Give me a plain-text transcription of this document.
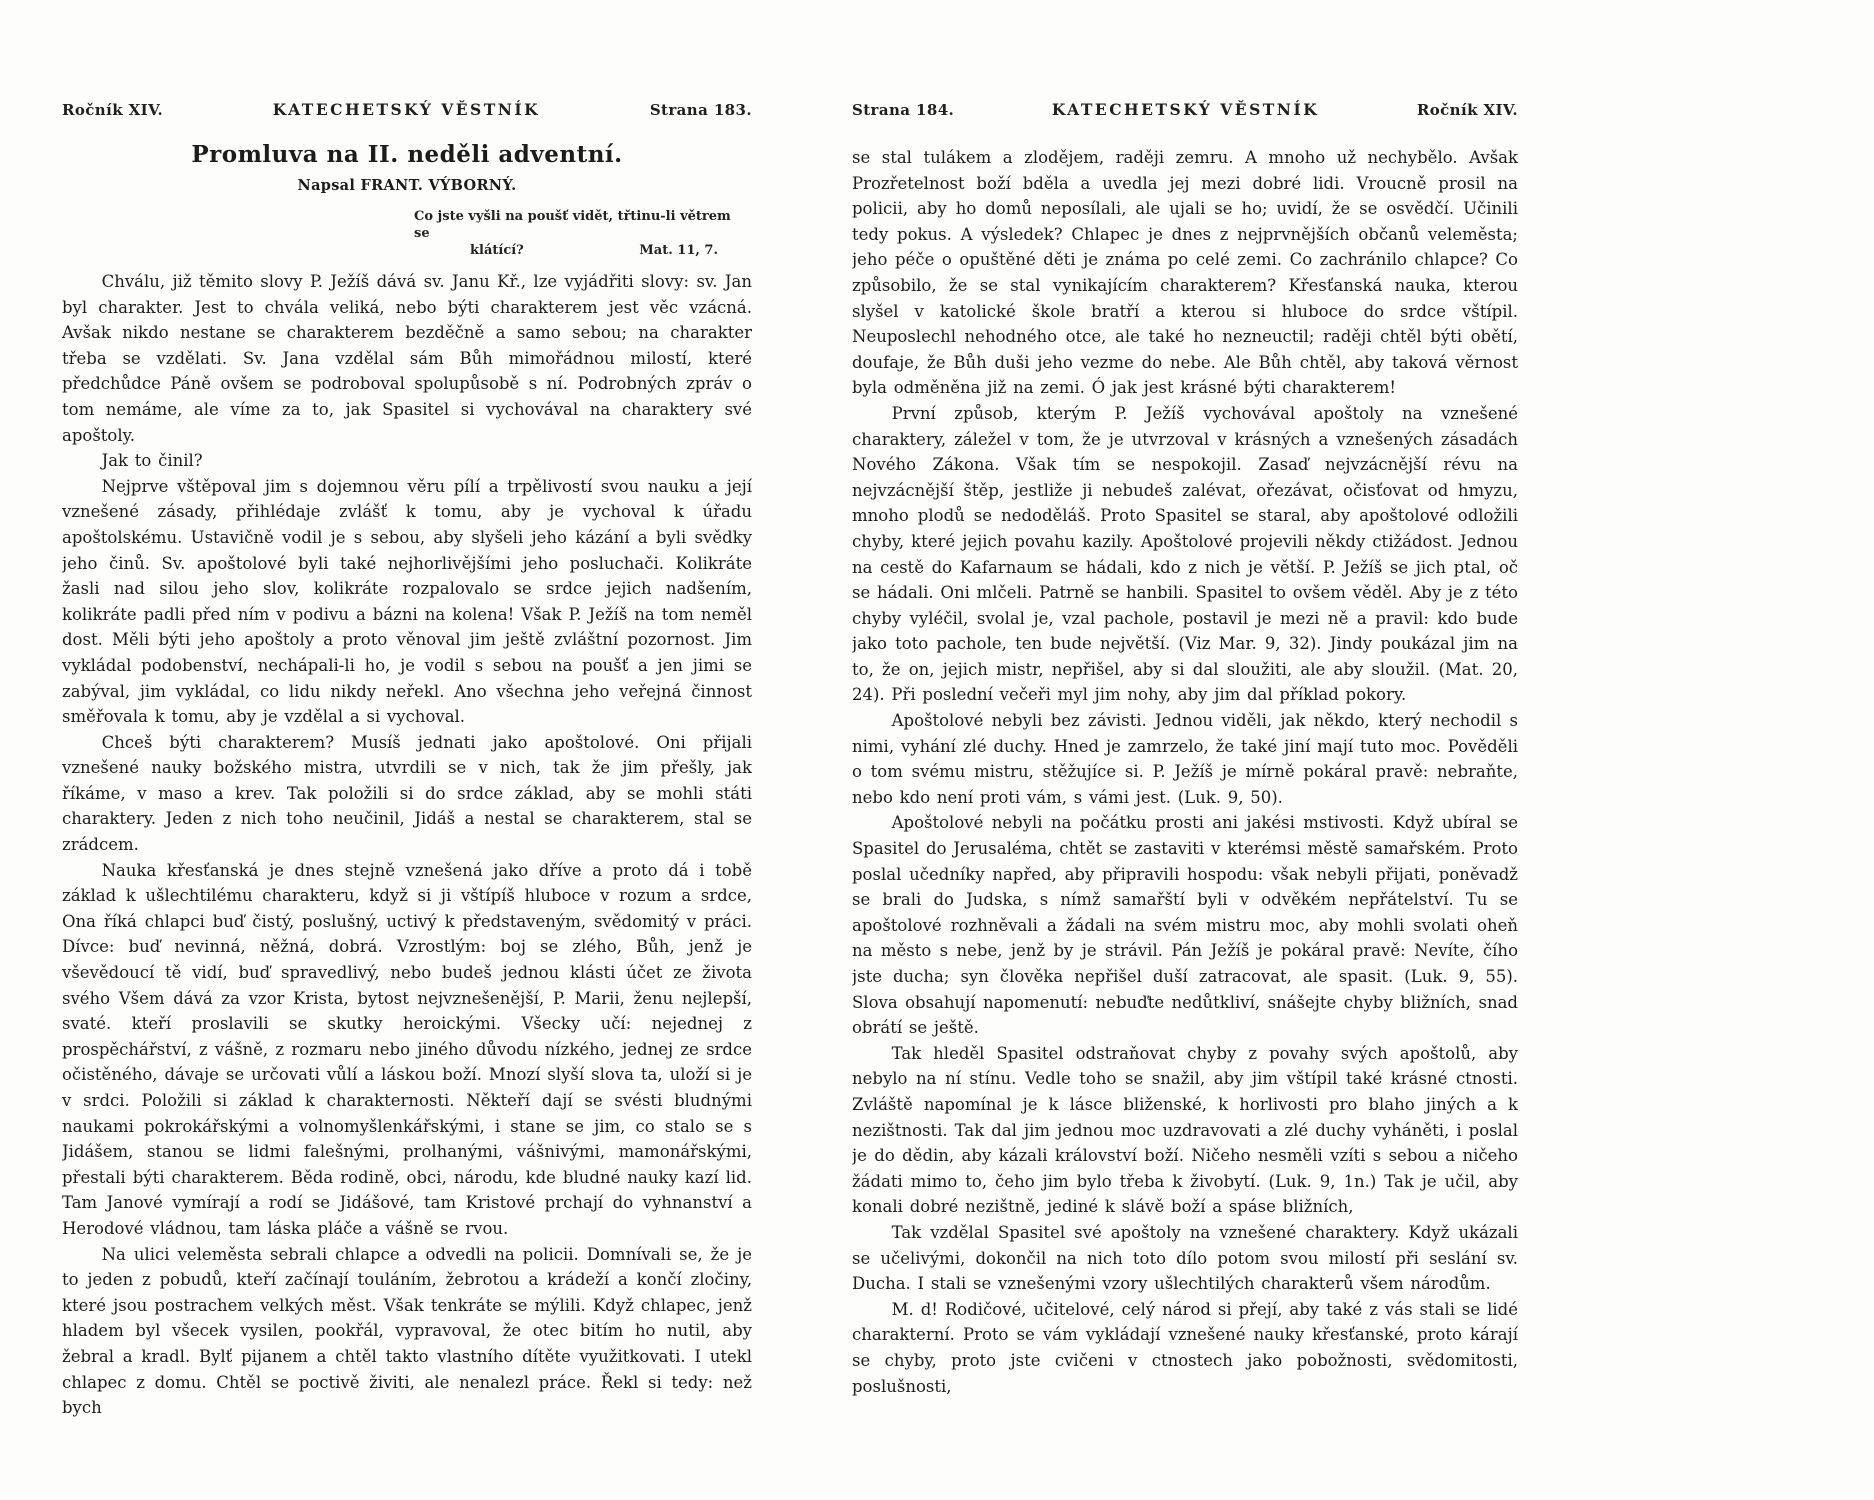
Ročník XIV.	KATECHETSKÝ VĚSTNÍK	Strana 183.
Promluva na II. neděli adventní.
Napsal FRANT. VÝBORNÝ.
Co jste vyšli na poušť vidět, třtinu-li větrem se
klátící?	Mat. 11, 7.

Chválu, již těmito slovy P. Ježíš dává sv. Janu Kř., lze vyjádřiti slovy: sv. Jan byl charakter. Jest to chvála veliká, nebo býti charakterem jest věc vzácná. Avšak nikdo nestane se charakterem bezděčně a samo sebou; na charakter třeba se vzdělati. Sv. Jana vzdělal sám Bůh mimořádnou milostí, které předchůdce Páně ovšem se podroboval spolupůsobě s ní. Podrobných zpráv o tom nemáme, ale víme za to, jak Spasitel si vychovával na charaktery své apoštoly.

Jak to činil?

Nejprve vštěpoval jim s dojemnou věru pílí a trpělivostí svou nauku a její vznešené zásady, přihlédaje zvlášť k tomu, aby je vychoval k úřadu apoštolskému. Ustavičně vodil je s sebou, aby slyšeli jeho kázání a byli svědky jeho činů. Sv. apoštolové byli také nejhorlivějšími jeho posluchači. Kolikráte žasli nad silou jeho slov, kolikráte rozpalovalo se srdce jejich nadšením, kolikráte padli před ním v podivu a bázni na kolena! Však P. Ježíš na tom neměl dost. Měli býti jeho apoštoly a proto věnoval jim ještě zvláštní pozornost. Jim vykládal podobenství, nechápali-li ho, je vodil s sebou na poušť a jen jimi se zabýval, jim vykládal, co lidu nikdy neřekl. Ano všechna jeho veřejná činnost směřovala k tomu, aby je vzdělal a si vychoval.

Chceš býti charakterem? Musíš jednati jako apoštolové. Oni přijali vznešené nauky božského mistra, utvrdili se v nich, tak že jim přešly, jak říkáme, v maso a krev. Tak položili si do srdce základ, aby se mohli státi charaktery. Jeden z nich toho neučinil, Jidáš a nestal se charakterem, stal se zrádcem.

Nauka křesťanská je dnes stejně vznešená jako dříve a proto dá i tobě základ k ušlechtilému charakteru, když si ji vštípíš hluboce v rozum a srdce, Ona říká chlapci buď čistý, poslušný, uctivý k představeným, svědomitý v práci. Dívce: buď nevinná, něžná, dobrá. Vzrostlým: boj se zlého, Bůh, jenž je vševědoucí tě vidí, buď spravedlivý, nebo budeš jednou klásti účet ze života svého Všem dává za vzor Krista, bytost nejvznešenější, P. Marii, ženu nejlepší, svaté. kteří proslavili se skutky heroickými. Všecky učí: nejednej z prospěchářství, z vášně, z rozmaru nebo jiného důvodu nízkého, jednej ze srdce očistěného, dávaje se určovati vůlí a láskou boží. Mnozí slyší slova ta, uloží si je v srdci. Položili si základ k charakternosti. Někteří dají se svésti bludnými naukami pokrokářskými a volnomyšlenkářskými, i stane se jim, co stalo se s Jidášem, stanou se lidmi falešnými, prolhanými, vášnivými, mamonářskými, přestali býti charakterem. Běda rodině, obci, národu, kde bludné nauky kazí lid. Tam Janové vymírají a rodí se Jidášové, tam Kristové prchají do vyhnanství a Herodové vládnou, tam láska pláče a vášně se rvou.

Na ulici veleměsta sebrali chlapce a odvedli na policii. Domnívali se, že je to jeden z pobudů, kteří začínají touláním, žebrotou a krádeží a končí zločiny, které jsou postrachem velkých měst. Však tenkráte se mýlili. Když chlapec, jenž hladem byl všecek vysilen, pookřál, vypravoval, že otec bitím ho nutil, aby žebral a kradl. Bylť pijanem a chtěl takto vlastního dítěte využitkovati. I utekl chlapec z domu. Chtěl se poctivě živiti, ale nenalezl práce. Řekl si tedy: než bych

Strana 184.	KATECHETSKÝ VĚSTNÍK	Ročník XIV.

se stal tulákem a zlodějem, raději zemru. A mnoho už nechybělo. Avšak Prozřetelnost boží bděla a uvedla jej mezi dobré lidi. Vroucně prosil na policii, aby ho domů neposílali, ale ujali se ho; uvidí, že se osvědčí. Učinili tedy pokus. A výsledek? Chlapec je dnes z nejprvnějších občanů veleměsta; jeho péče o opuštěné děti je známa po celé zemi. Co zachránilo chlapce? Co způsobilo, že se stal vynikajícím charakterem? Křesťanská nauka, kterou slyšel v katolické škole bratří a kterou si hluboce do srdce vštípil. Neuposlechl nehodného otce, ale také ho nezneuctil; raději chtěl býti obětí, doufaje, že Bůh duši jeho vezme do nebe. Ale Bůh chtěl, aby taková věrnost byla odměněna již na zemi. Ó jak jest krásné býti charakterem!

První způsob, kterým P. Ježíš vychovával apoštoly na vznešené charaktery, záležel v tom, že je utvrzoval v krásných a vznešených zásadách Nového Zákona. Však tím se nespokojil. Zasaď nejvzácnější révu na nejvzácnější štěp, jestliže ji nebudeš zalévat, ořezávat, očisťovat od hmyzu, mnoho plodů se nedoděláš. Proto Spasitel se staral, aby apoštolové odložili chyby, které jejich povahu kazily. Apoštolové projevili někdy ctižádost. Jednou na cestě do Kafarnaum se hádali, kdo z nich je větší. P. Ježíš se jich ptal, oč se hádali. Oni mlčeli. Patrně se hanbili. Spasitel to ovšem věděl. Aby je z této chyby vyléčil, svolal je, vzal pachole, postavil je mezi ně a pravil: kdo bude jako toto pachole, ten bude největší. (Viz Mar. 9, 32). Jindy poukázal jim na to, že on, jejich mistr, nepřišel, aby si dal sloužiti, ale aby sloužil. (Mat. 20, 24). Při poslední večeři myl jim nohy, aby jim dal příklad pokory.

Apoštolové nebyli bez závisti. Jednou viděli, jak někdo, který nechodil s nimi, vyhání zlé duchy. Hned je zamrzelo, že také jiní mají tuto moc. Pověděli o tom svému mistru, stěžujíce si. P. Ježíš je mírně pokáral pravě: nebraňte, nebo kdo není proti vám, s vámi jest. (Luk. 9, 50).

Apoštolové nebyli na počátku prosti ani jakési mstivosti. Když ubíral se Spasitel do Jerusaléma, chtět se zastaviti v kterémsi městě samařském. Proto poslal učedníky napřed, aby připravili hospodu: však nebyli přijati, poněvadž se brali do Judska, s nímž samařští byli v odvěkém nepřátelství. Tu se apoštolové rozhněvali a žádali na svém mistru moc, aby mohli svolati oheň na město s nebe, jenž by je strávil. Pán Ježíš je pokáral pravě: Nevíte, čího jste ducha; syn člověka nepřišel duší zatracovat, ale spasit. (Luk. 9, 55). Slova obsahují napomenutí: nebuďte nedůtkliví, snášejte chyby bližních, snad obrátí se ještě.

Tak hleděl Spasitel odstraňovat chyby z povahy svých apoštolů, aby nebylo na ní stínu. Vedle toho se snažil, aby jim vštípil také krásné ctnosti. Zvláště napomínal je k lásce bliženské, k horlivosti pro blaho jiných a k nezištnosti. Tak dal jim jednou moc uzdravovati a zlé duchy vyháněti, i poslal je do dědin, aby kázali království boží. Ničeho nesměli vzíti s sebou a ničeho žádati mimo to, čeho jim bylo třeba k živobytí. (Luk. 9, 1n.) Tak je učil, aby konali dobré nezištně, jediné k slávě boží a spáse bližních,

Tak vzdělal Spasitel své apoštoly na vznešené charaktery. Když ukázali se učelivými, dokončil na nich toto dílo potom svou milostí při seslání sv. Ducha. I stali se vznešenými vzory ušlechtilých charakterů všem národům.

M. d! Rodičové, učitelové, celý národ si přejí, aby také z vás stali se lidé charakterní. Proto se vám vykládají vznešené nauky křesťanské, proto kárají se chyby, proto jste cvičeni v ctnostech jako pobožnosti, svědomitosti, poslušnosti,
